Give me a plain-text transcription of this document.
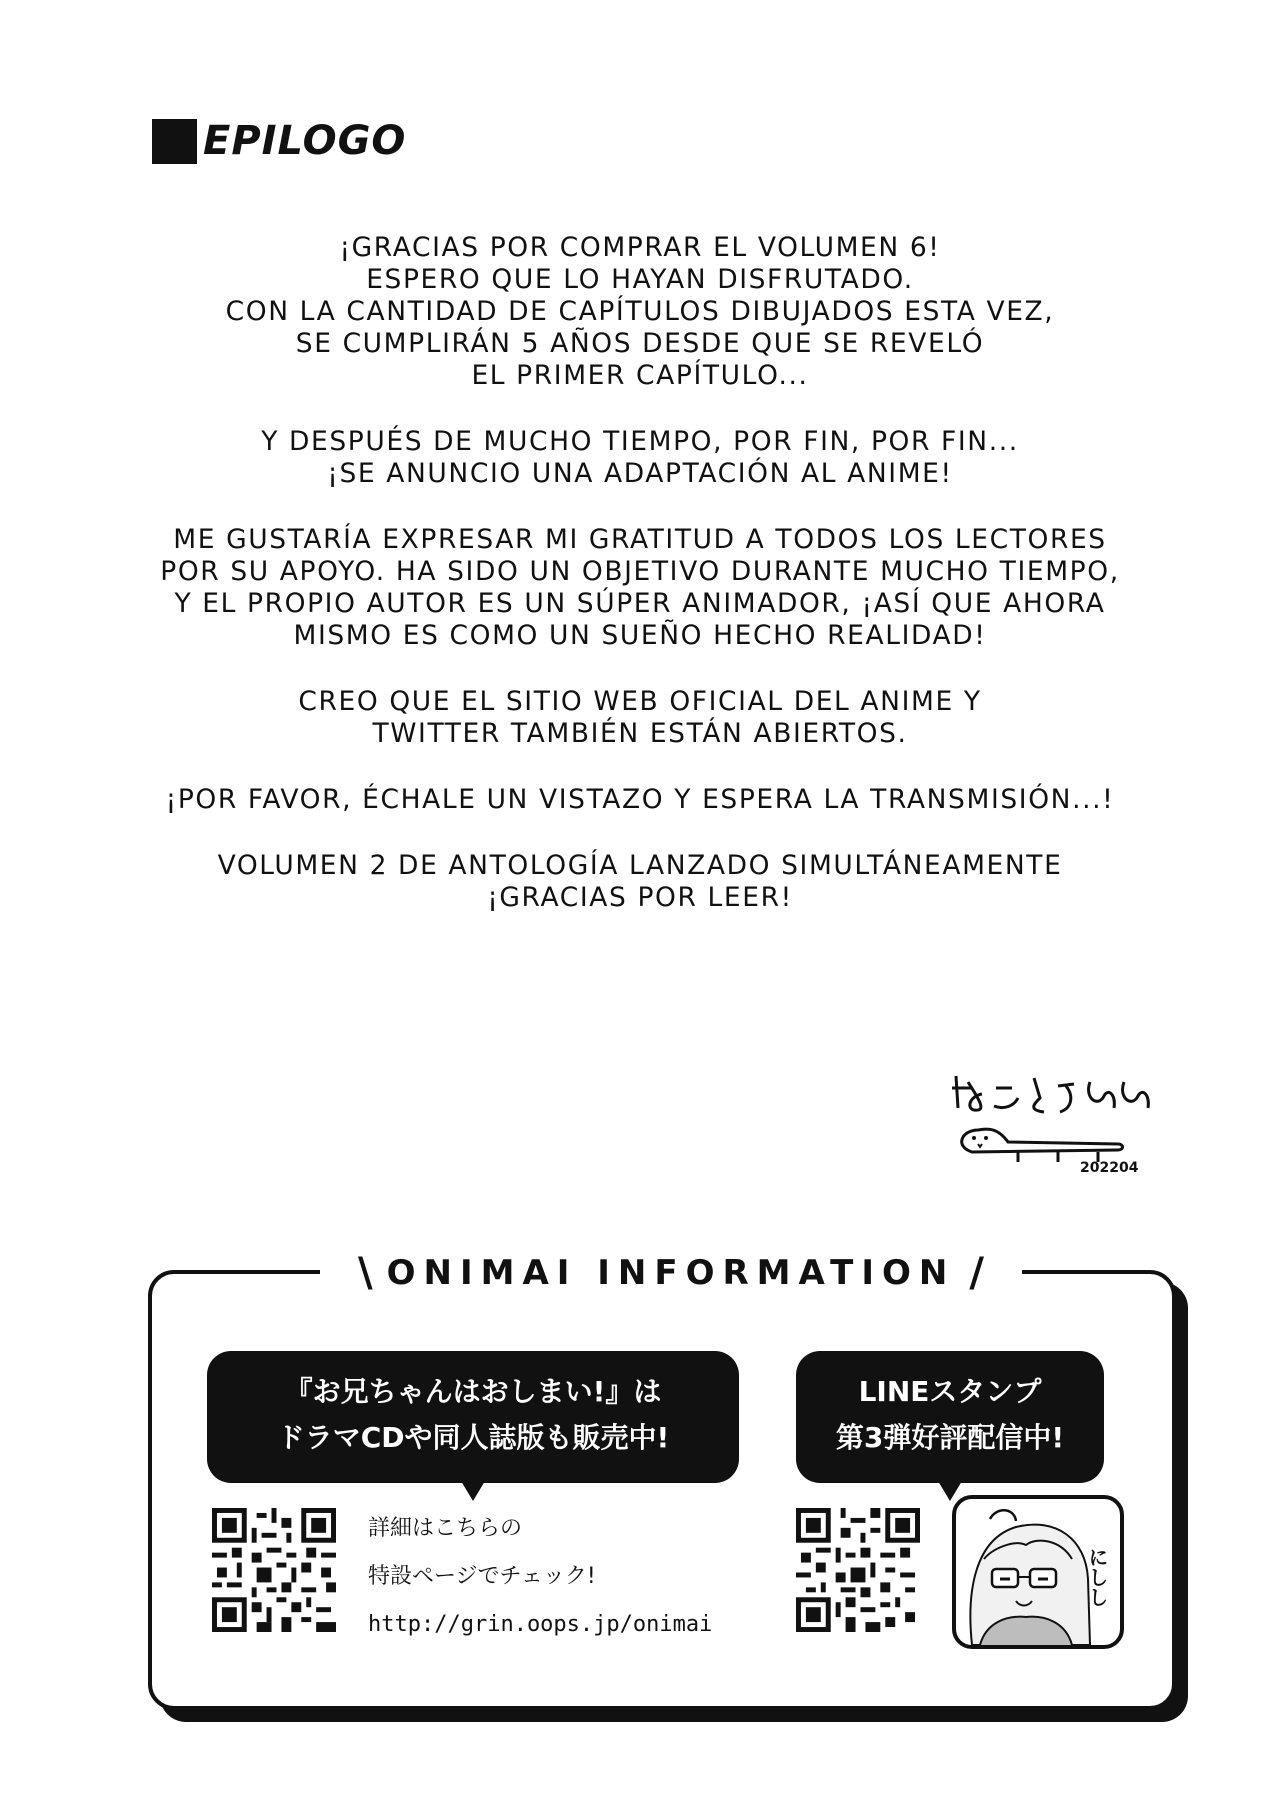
EPILOGO
¡GRACIAS POR COMPRAR EL VOLUMEN 6!
ESPERO QUE LO HAYAN DISFRUTADO.
CON LA CANTIDAD DE CAPÍTULOS DIBUJADOS ESTA VEZ,
SE CUMPLIRÁN 5 AÑOS DESDE QUE SE REVELÓ
EL PRIMER CAPÍTULO...
Y DESPUÉS DE MUCHO TIEMPO, POR FIN, POR FIN...
¡SE ANUNCIO UNA ADAPTACIÓN AL ANIME!
ME GUSTARÍA EXPRESAR MI GRATITUD A TODOS LOS LECTORES
POR SU APOYO. HA SIDO UN OBJETIVO DURANTE MUCHO TIEMPO,
Y EL PROPIO AUTOR ES UN SÚPER ANIMADOR, ¡ASÍ QUE AHORA
MISMO ES COMO UN SUEÑO HECHO REALIDAD!
CREO QUE EL SITIO WEB OFICIAL DEL ANIME Y
TWITTER TAMBIÉN ESTÁN ABIERTOS.
¡POR FAVOR, ÉCHALE UN VISTAZO Y ESPERA LA TRANSMISIÓN...!
VOLUMEN 2 DE ANTOLOGÍA LANZADO SIMULTÁNEAMENTE
¡GRACIAS POR LEER!
202204
\ ONIMAI INFORMATION /
『お兄ちゃんはおしまい!』は
ドラマCDや同人誌版も販売中!
LINEスタンプ
第3弾好評配信中!
詳細はこちらの
特設ページでチェック!
http://grin.oops.jp/onimai
にしし
